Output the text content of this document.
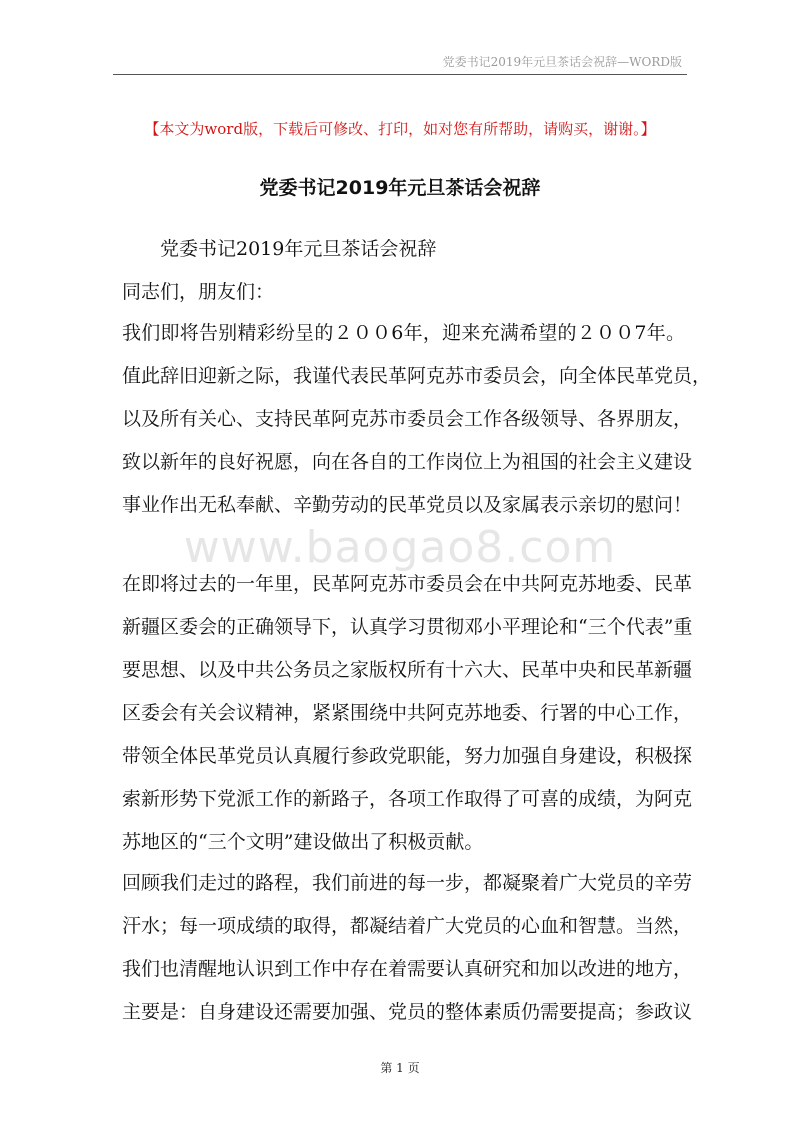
党委书记2019年元旦茶话会祝辞—WORD版
【本文为word版，下载后可修改、打印，如对您有所帮助，请购买，谢谢。】
党委书记2019年元旦茶话会祝辞
党委书记2019年元旦茶话会祝辞
同志们，朋友们：
我们即将告别精彩纷呈的２００6年，迎来充满希望的２００7年。
值此辞旧迎新之际，我谨代表民革阿克苏市委员会，向全体民革党员，
以及所有关心、支持民革阿克苏市委员会工作各级领导、各界朋友，
致以新年的良好祝愿，向在各自的工作岗位上为祖国的社会主义建设
事业作出无私奉献、辛勤劳动的民革党员以及家属表示亲切的慰问！
www.baogao8.com
在即将过去的一年里，民革阿克苏市委员会在中共阿克苏地委、民革
新疆区委会的正确领导下，认真学习贯彻邓小平理论和“三个代表”重
要思想、以及中共公务员之家版权所有十六大、民革中央和民革新疆
区委会有关会议精神，紧紧围绕中共阿克苏地委、行署的中心工作，
带领全体民革党员认真履行参政党职能，努力加强自身建设，积极探
索新形势下党派工作的新路子，各项工作取得了可喜的成绩，为阿克
苏地区的“三个文明”建设做出了积极贡献。
回顾我们走过的路程，我们前进的每一步，都凝聚着广大党员的辛劳
汗水；每一项成绩的取得，都凝结着广大党员的心血和智慧。当然，
我们也清醒地认识到工作中存在着需要认真研究和加以改进的地方，
主要是：自身建设还需要加强、党员的整体素质仍需要提高；参政议
第 1 页
